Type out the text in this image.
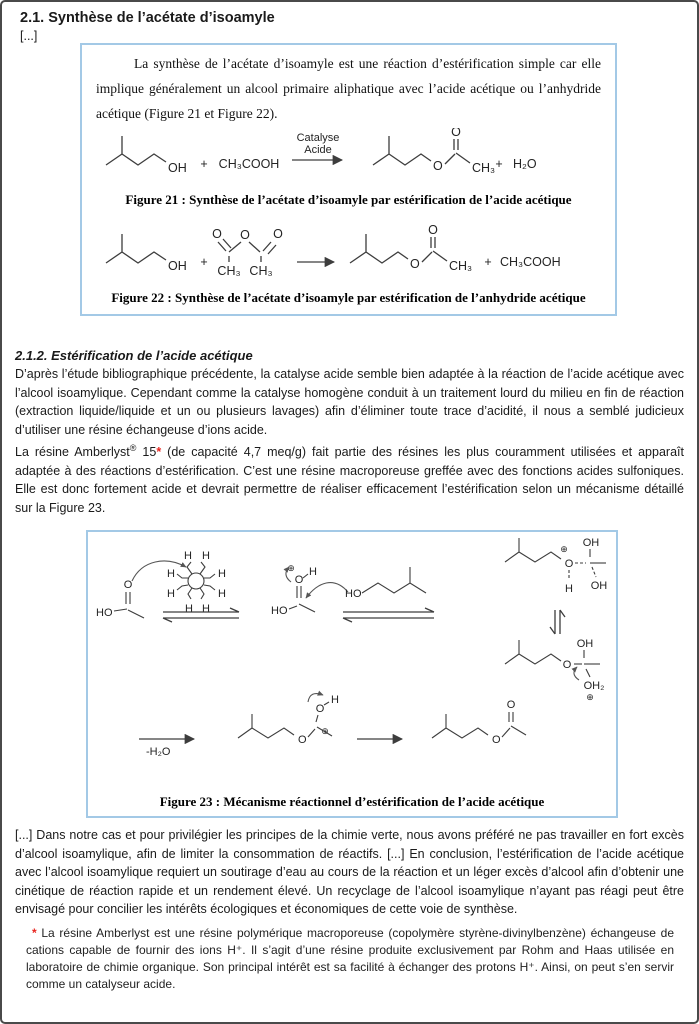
2.1. Synthèse de l’acétate d’isoamyle
[...]

La synthèse de l’acétate d’isoamyle est une réaction d’estérification simple car elle implique généralement un alcool primaire aliphatique avec l’acide acétique ou l’anhydride acétique (Figure 21 et Figure 22).

OH + CH₃COOH
Catalyse
Acide
O
O
CH₃ + H₂O
Figure 21 : Synthèse de l’acétate d’isoamyle par estérification de l’acide acétique
OH +
O O O
CH₃ CH₃	O
O
CH₃ + CH₃COOH
Figure 22 : Synthèse de l’acétate d’isoamyle par estérification de l’anhydride acétique
2.1.2. Estérification de l’acide acétique

D’après l’étude bibliographique précédente, la catalyse acide semble bien adaptée à la réaction de l’acide acétique avec l’alcool isoamylique. Cependant comme la catalyse homogène conduit à un traitement lourd du milieu en fin de réaction (extraction liquide/liquide et un ou plusieurs lavages) afin d’éliminer toute trace d’acidité, il nous a semblé judicieux d’utiliser une résine échangeuse d’ions acide.

La résine Amberlyst® 15* (de capacité 4,7 meq/g) fait partie des résines les plus couramment utilisées et apparaît adaptée à des réactions d’estérification. C’est une résine macroporeuse greffée avec des fonctions acides sulfoniques. Elle est donc fortement acide et devrait permettre de réaliser efficacement l’estérification selon un mécanisme détaillé sur la Figure 23.

HO
O
H H
H	H
H	H
H H	HO
O
⊕ H
HO
⊕
O
H
OH
OH
O
OH
OH₂
⊕
-H₂O
O
O
H
⊕
O
O
Figure 23 : Mécanisme réactionnel d’estérification de l’acide acétique

[...] Dans notre cas et pour privilégier les principes de la chimie verte, nous avons préféré ne pas travailler en fort excès d’alcool isoamylique, afin de limiter la consommation de réactifs. [...] En conclusion, l’estérification de l’acide acétique avec l’alcool isoamylique requiert un soutirage d’eau au cours de la réaction et un léger excès d’alcool afin d’obtenir une cinétique de réaction rapide et un rendement élevé. Un recyclage de l’alcool isoamylique n’ayant pas réagi peut être envisagé pour concilier les intérêts écologiques et économiques de cette voie de synthèse.

* La résine Amberlyst est une résine polymérique macroporeuse (copolymère styrène-divinylbenzène) échangeuse de cations capable de fournir des ions H⁺. Il s’agit d’une résine produite exclusivement par Rohm and Haas utilisée en laboratoire de chimie organique. Son principal intérêt est sa facilité à échanger des protons H⁺. Ainsi, on peut s’en servir comme un catalyseur acide.
